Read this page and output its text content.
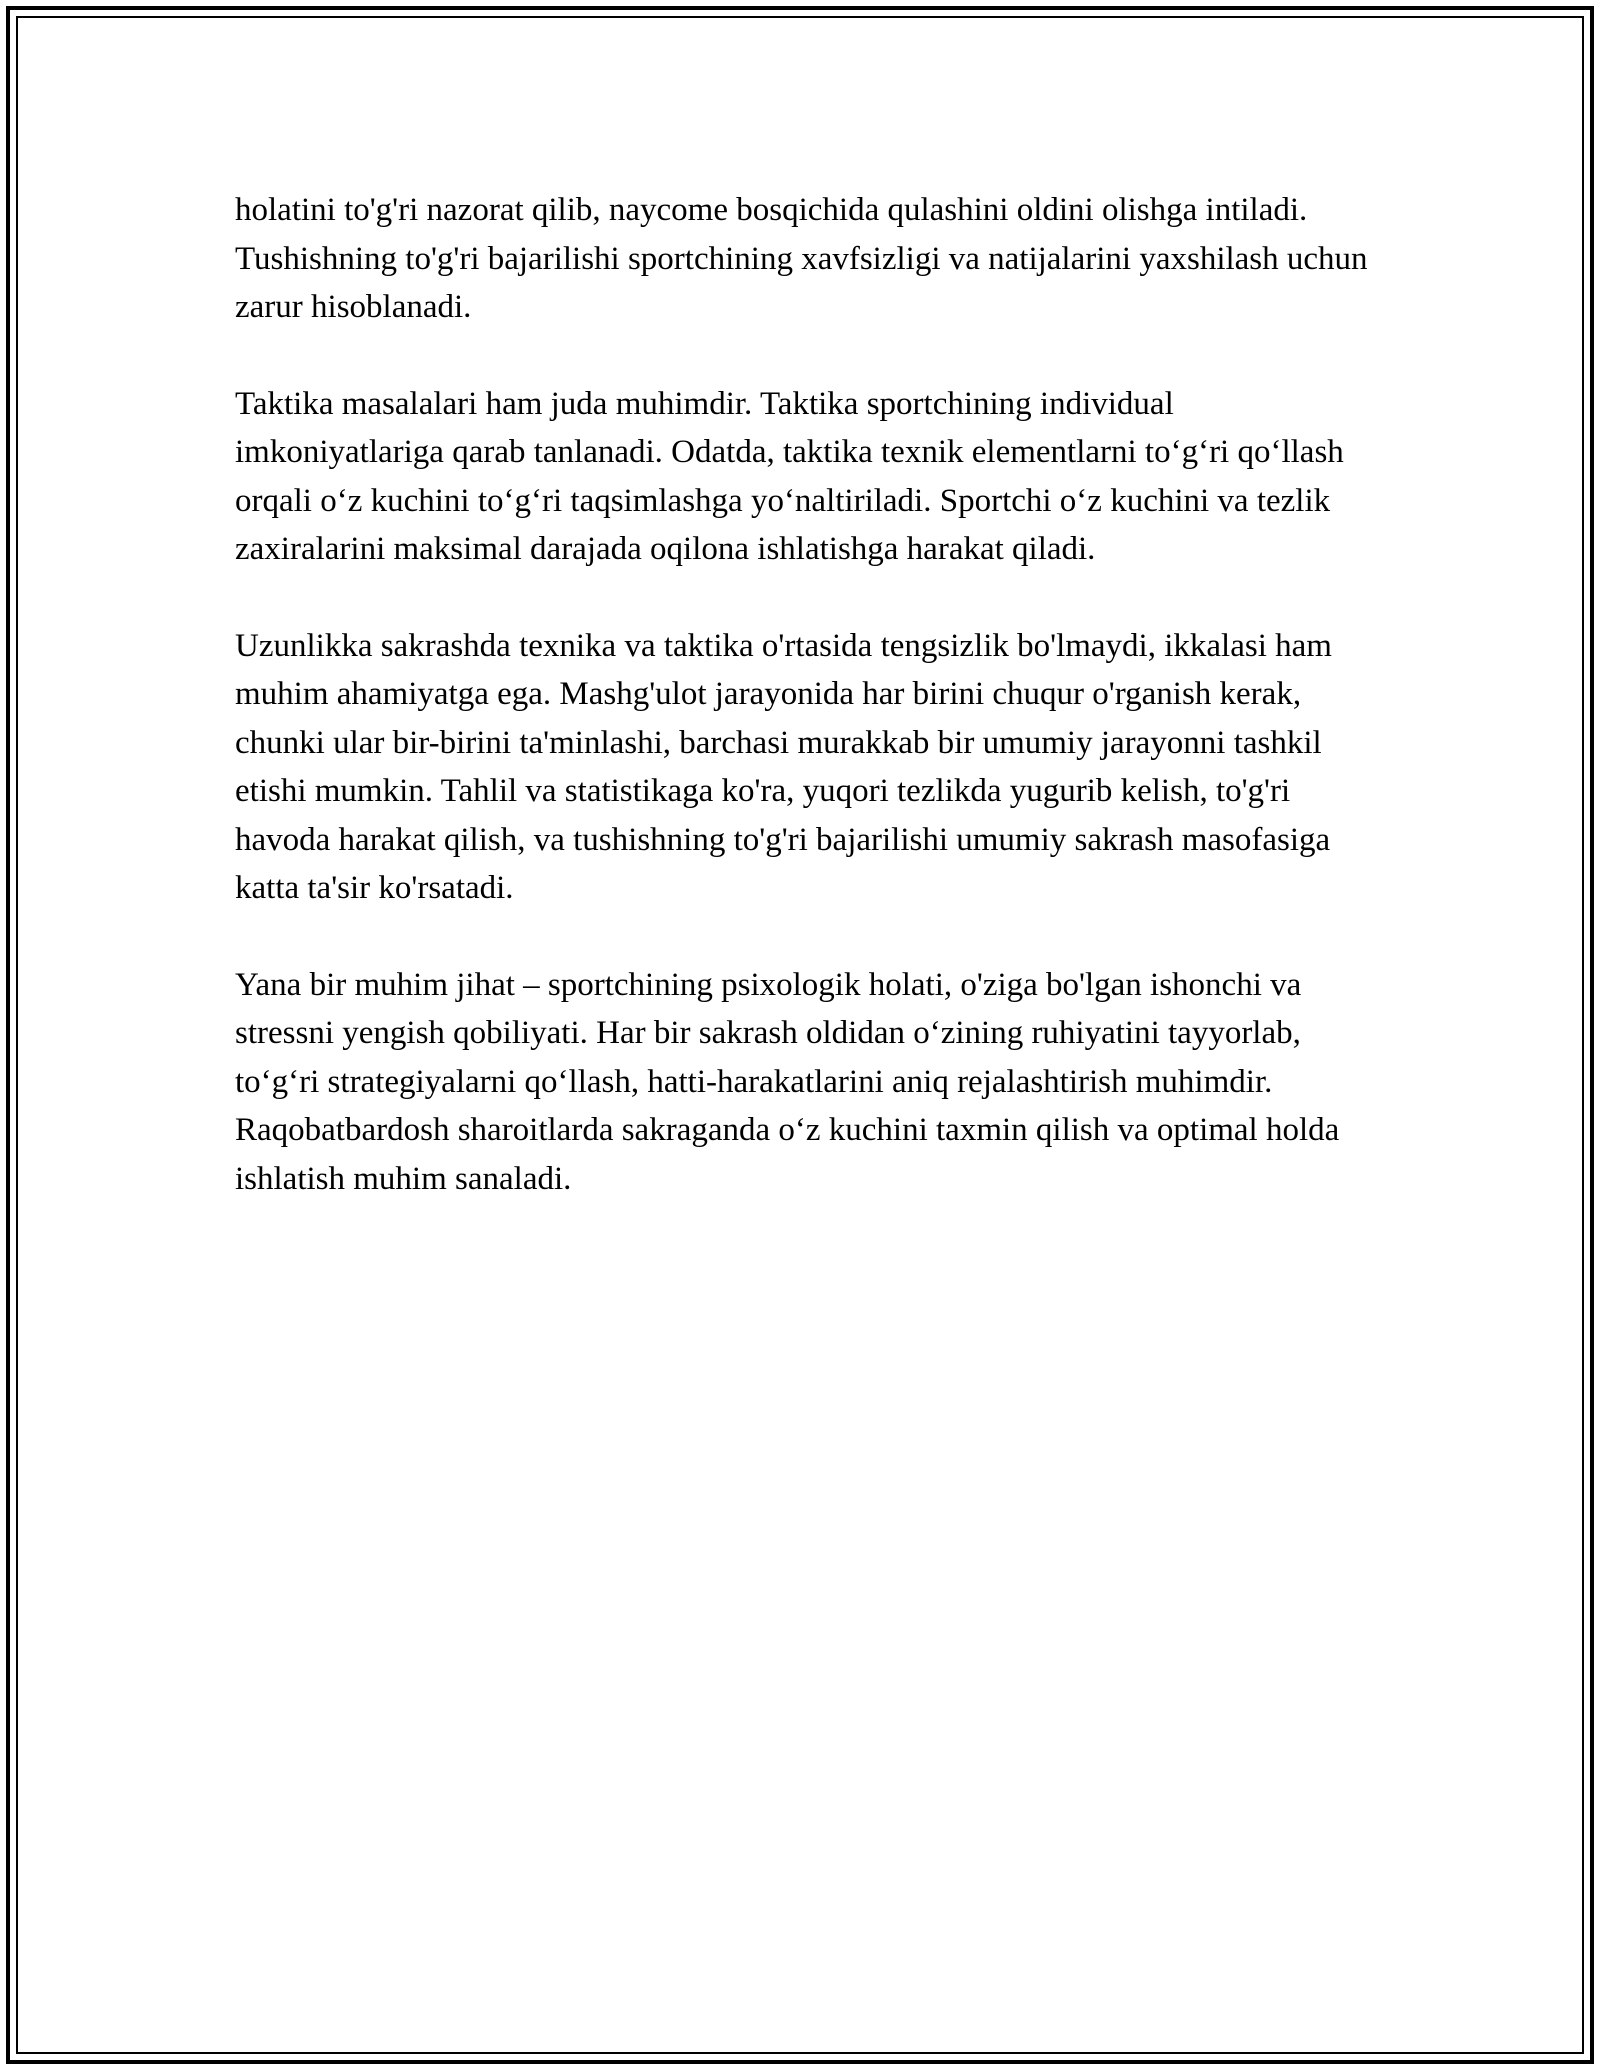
holatini to'g'ri nazorat qilib, naycome bosqichida qulashini oldini olishga intiladi. Tushishning to'g'ri bajarilishi sportchining xavfsizligi va natijalarini yaxshilash uchun zarur hisoblanadi.

Taktika masalalari ham juda muhimdir. Taktika sportchining individual imkoniyatlariga qarab tanlanadi. Odatda, taktika texnik elementlarni to‘g‘ri qo‘llash orqali o‘z kuchini to‘g‘ri taqsimlashga yo‘naltiriladi. Sportchi o‘z kuchini va tezlik zaxiralarini maksimal darajada oqilona ishlatishga harakat qiladi.

Uzunlikka sakrashda texnika va taktika o'rtasida tengsizlik bo'lmaydi, ikkalasi ham muhim ahamiyatga ega. Mashg'ulot jarayonida har birini chuqur o'rganish kerak, chunki ular bir-birini ta'minlashi, barchasi murakkab bir umumiy jarayonni tashkil etishi mumkin. Tahlil va statistikaga ko'ra, yuqori tezlikda yugurib kelish, to'g'ri havoda harakat qilish, va tushishning to'g'ri bajarilishi umumiy sakrash masofasiga katta ta'sir ko'rsatadi.

Yana bir muhim jihat – sportchining psixologik holati, o'ziga bo'lgan ishonchi va stressni yengish qobiliyati. Har bir sakrash oldidan o‘zining ruhiyatini tayyorlab, to‘g‘ri strategiyalarni qo‘llash, hatti-harakatlarini aniq rejalashtirish muhimdir. Raqobatbardosh sharoitlarda sakraganda o‘z kuchini taxmin qilish va optimal holda ishlatish muhim sanaladi.
